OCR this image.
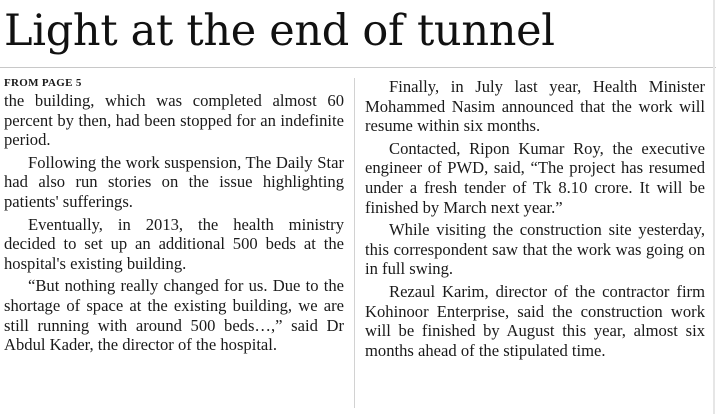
Light at the end of tunnel
FROM PAGE 5

the building, which was completed almost 60 percent by then, had been stopped for an indefinite period.

Following the work suspension, The Daily Star had also run stories on the issue highlighting patients' sufferings.

Eventually, in 2013, the health ministry decided to set up an additional 500 beds at the hospital's existing building.

“But nothing really changed for us. Due to the shortage of space at the existing building, we are still running with around 500 beds…,” said Dr Abdul Kader, the director of the hospital.

Finally, in July last year, Health Minister Mohammed Nasim announced that the work will resume within six months.

Contacted, Ripon Kumar Roy, the executive engineer of PWD, said, “The project has resumed under a fresh tender of Tk 8.10 crore. It will be finished by March next year.”

While visiting the construction site yesterday, this correspondent saw that the work was going on in full swing.

Rezaul Karim, director of the contractor firm Kohinoor Enterprise, said the construction work will be finished by August this year, almost six months ahead of the stipulated time.
